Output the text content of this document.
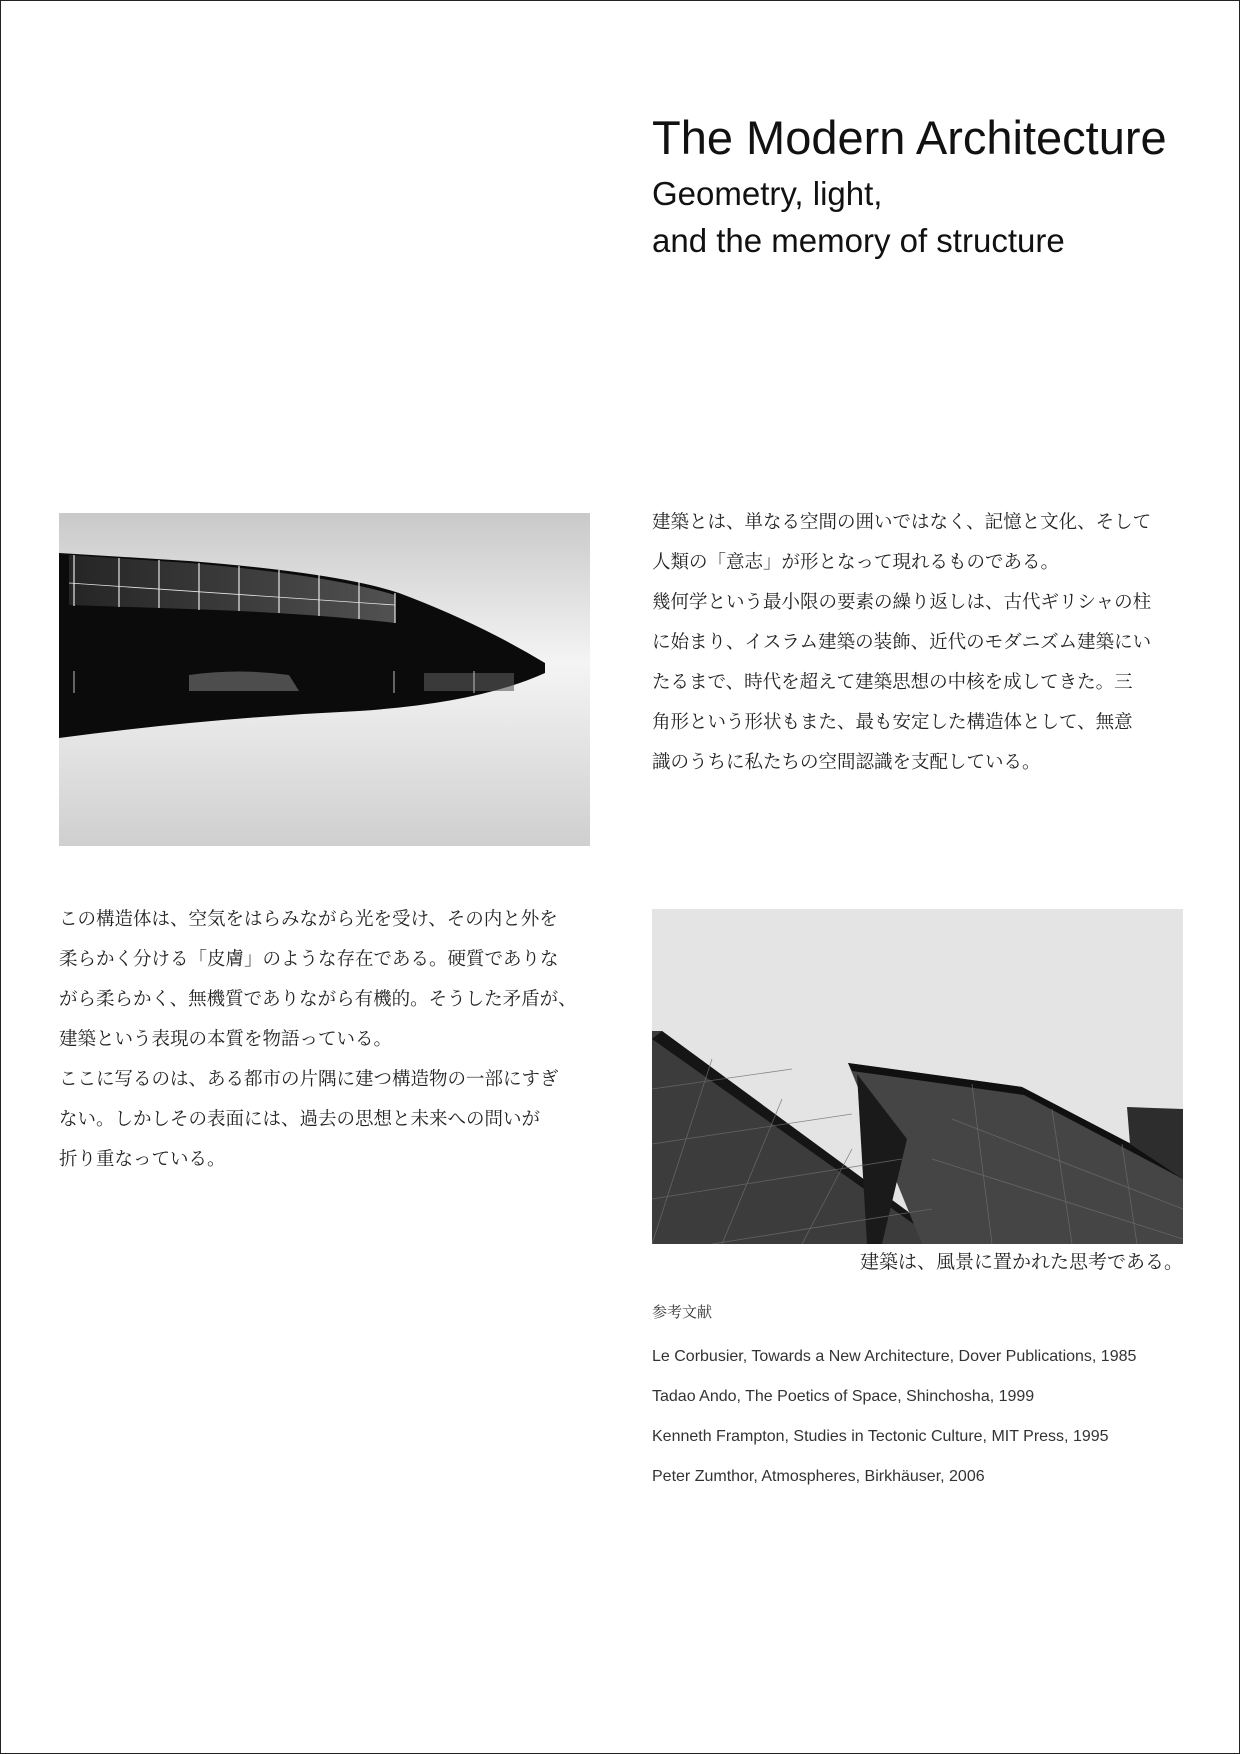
The Modern Architecture
Geometry, light,
and the memory of structure
建築とは、単なる空間の囲いではなく、記憶と文化、そして
人類の「意志」が形となって現れるものである。
幾何学という最小限の要素の繰り返しは、古代ギリシャの柱
に始まり、イスラム建築の装飾、近代のモダニズム建築にい
たるまで、時代を超えて建築思想の中核を成してきた。三
角形という形状もまた、最も安定した構造体として、無意
識のうちに私たちの空間認識を支配している。
この構造体は、空気をはらみながら光を受け、その内と外を
柔らかく分ける「皮膚」のような存在である。硬質でありな
がら柔らかく、無機質でありながら有機的。そうした矛盾が、
建築という表現の本質を物語っている。
ここに写るのは、ある都市の片隅に建つ構造物の一部にすぎ
ない。しかしその表面には、過去の思想と未来への問いが
折り重なっている。
建築は、風景に置かれた思考である。
参考文献
Le Corbusier, Towards a New Architecture, Dover Publications, 1985
Tadao Ando, The Poetics of Space, Shinchosha, 1999
Kenneth Frampton, Studies in Tectonic Culture, MIT Press, 1995
Peter Zumthor, Atmospheres, Birkhäuser, 2006
